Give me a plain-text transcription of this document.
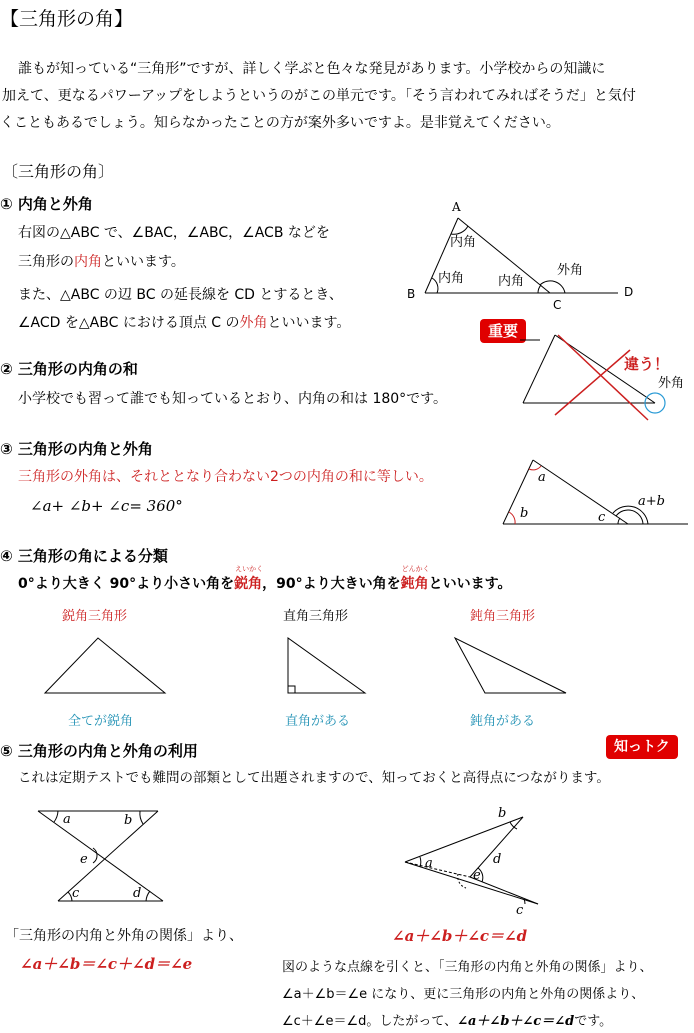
【三角形の角】
誰もが知っている“三角形”ですが、詳しく学ぶと色々な発見があります。小学校からの知識に
加えて、更なるパワーアップをしようというのがこの単元です。「そう言われてみればそうだ」と気付
くこともあるでしょう。知らなかったことの方が案外多いですよ。是非覚えてください。
〔三角形の角〕
① 内角と外角
右図の△ABC で、∠BAC，∠ABC，∠ACB などを
三角形の内角といいます。
また、△ABC の辺 BC の延長線を CD とするとき、
∠ACD を△ABC における頂点 C の外角といいます。
A
B
C
D
内角
内角	内角
外角
重要
② 三角形の内角の和
小学校でも習って誰でも知っているとおり、内角の和は 180°です。
違う！
外角
③ 三角形の内角と外角
三角形の外角は、それととなり合わない2つの内角の和に等しい。
∠a+ ∠b+ ∠c= 360°
a
b	c
a+b
④ 三角形の角による分類
0°より大きく 90°より小さい角を
えいかく
鋭角，90°より大きい角を
どんかく
鈍角といいます。
鋭角三角形	直角三角形	鈍角三角形
全てが鋭角	直角がある	鈍角がある
⑤ 三角形の内角と外角の利用	知っトク
これは定期テストでも難問の部類として出題されますので、知っておくと高得点につながります。
a	b
e
c	d
a
b
d
e
c
「三角形の内角と外角の関係」より、
∠a＋∠b＝∠c＋∠d＝∠e
∠a＋∠b＋∠c＝∠d
図のような点線を引くと、「三角形の内角と外角の関係」より、
∠a＋∠b＝∠e になり、更に三角形の内角と外角の関係より、
∠c＋∠e＝∠d。したがって、∠a＋∠b＋∠c＝∠dです。
